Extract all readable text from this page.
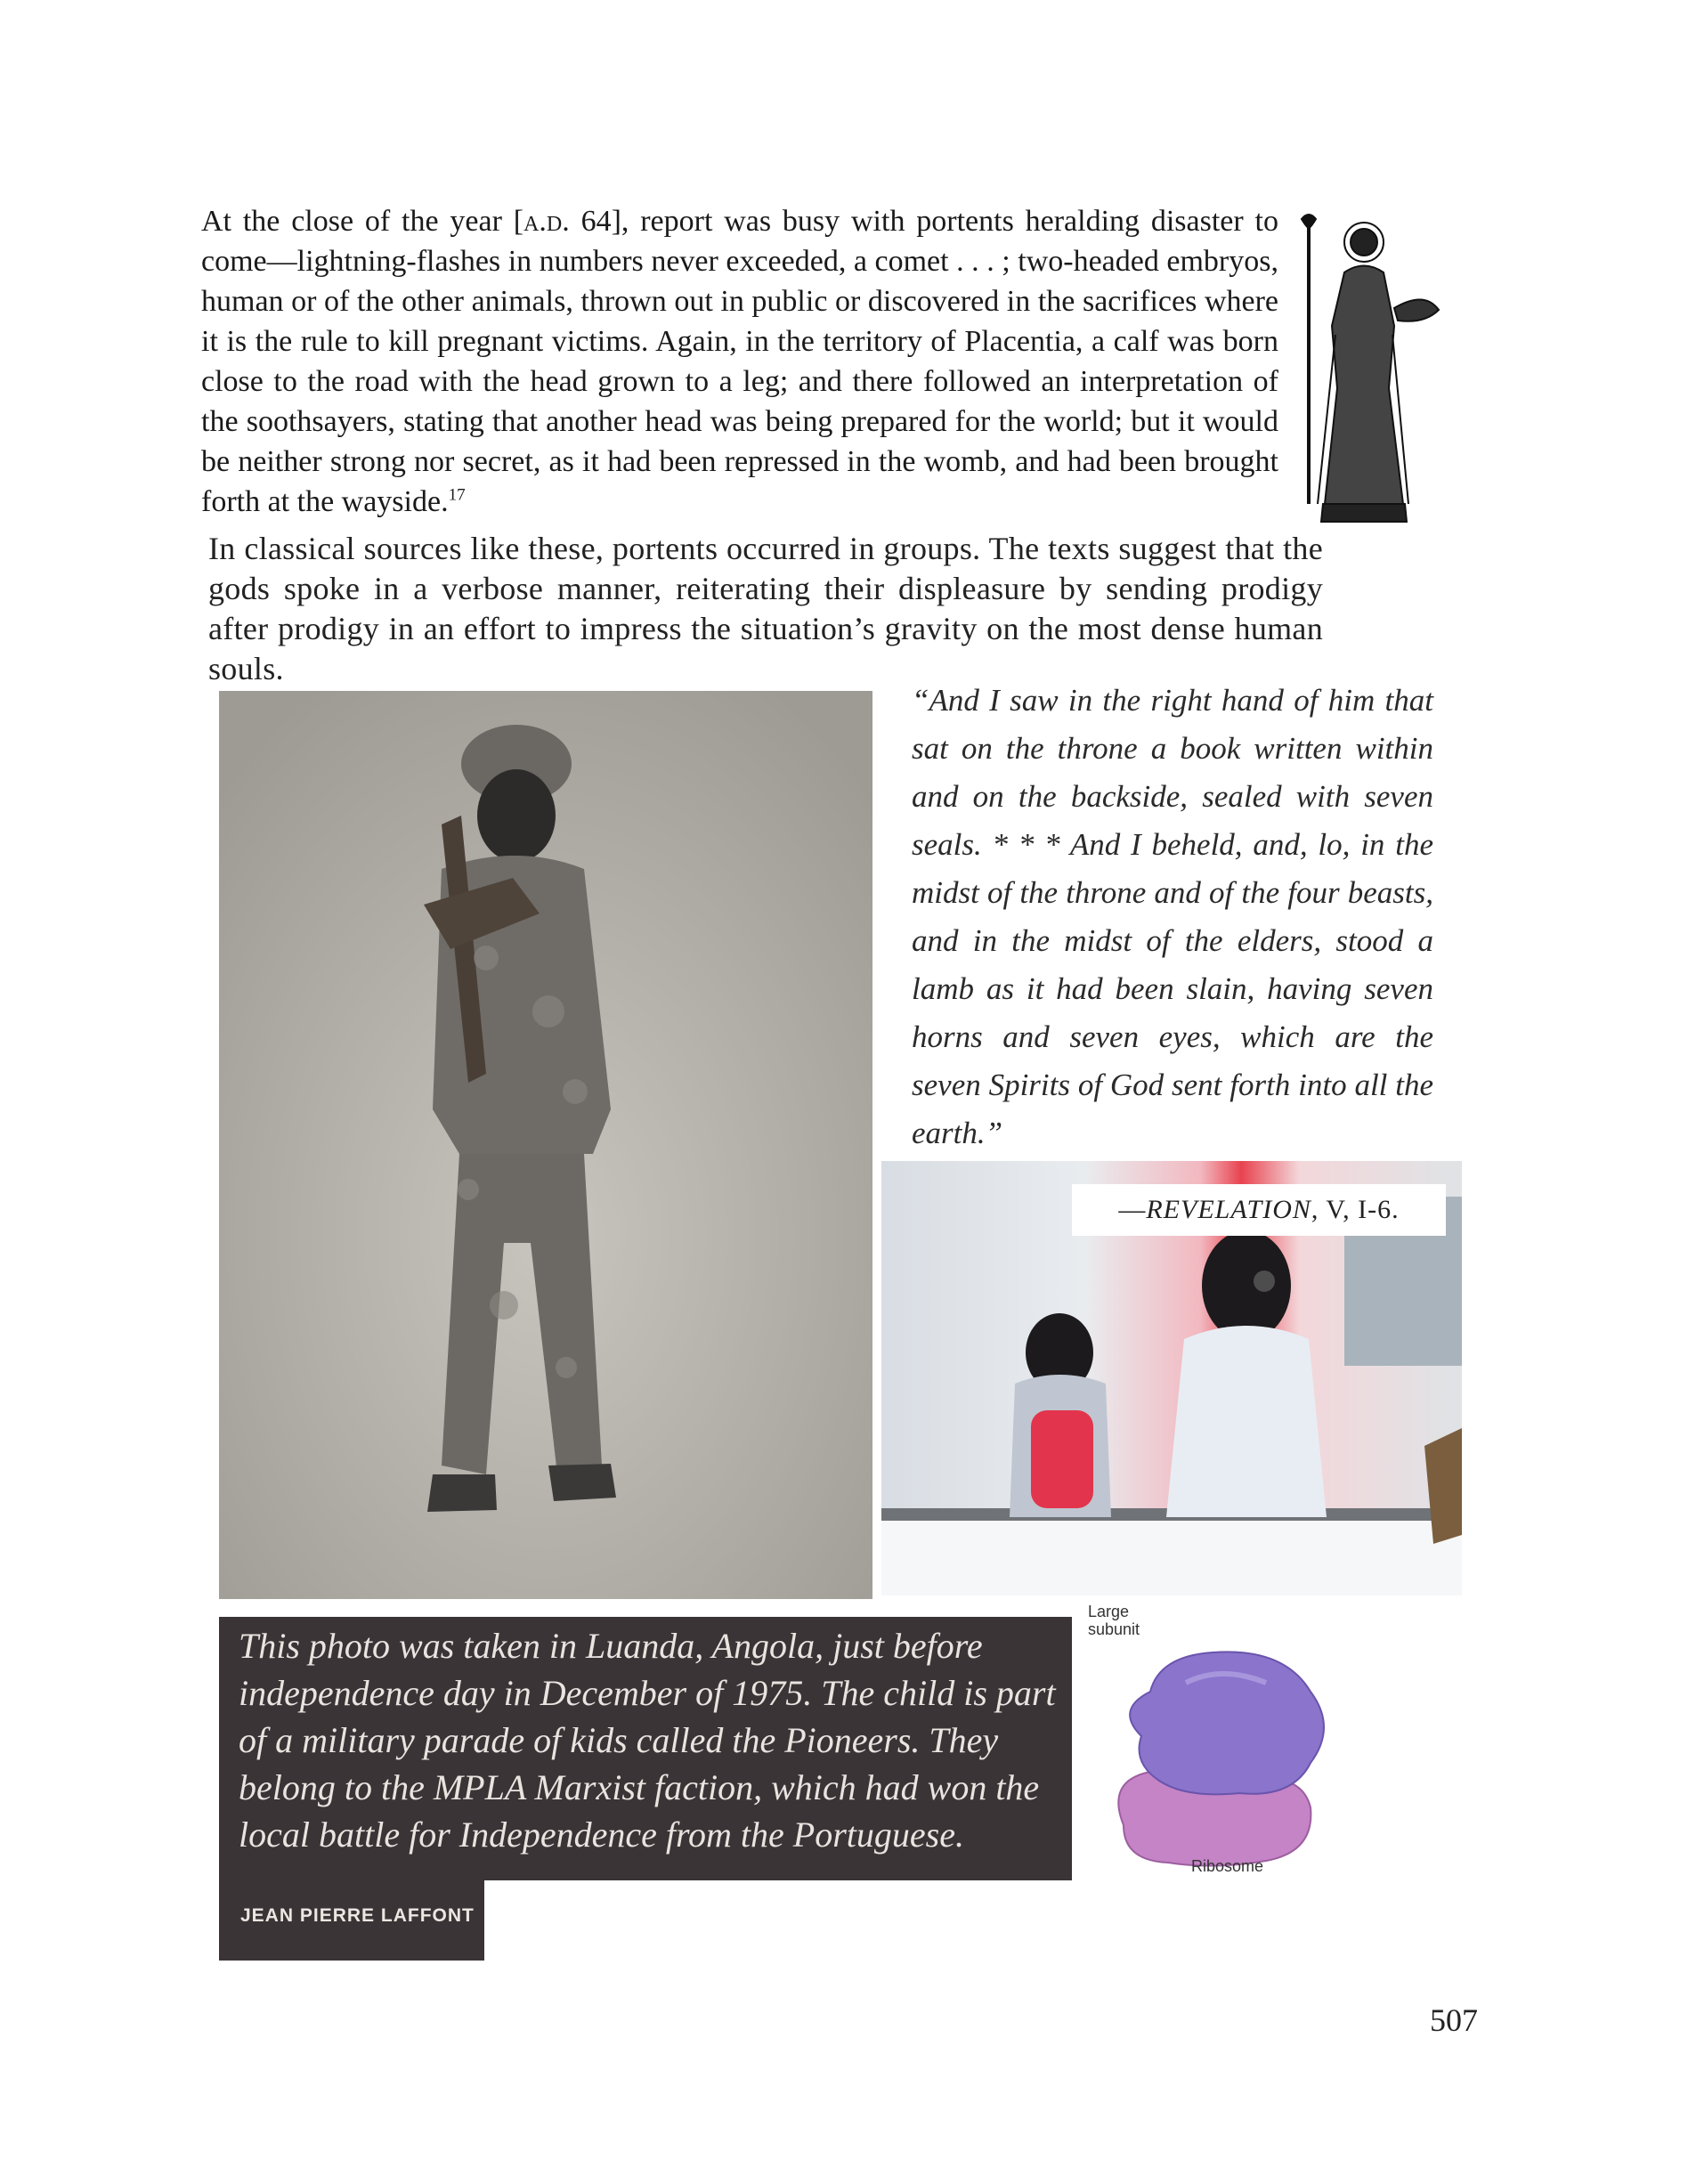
At the close of the year [a.d. 64], report was busy with portents heralding disaster to come—lightning-flashes in numbers never exceeded, a comet . . . ; two-headed embryos, human or of the other animals, thrown out in public or discovered in the sacrifices where it is the rule to kill pregnant victims. Again, in the territory of Placentia, a calf was born close to the road with the head grown to a leg; and there followed an interpretation of the soothsayers, stating that another head was being prepared for the world; but it would be neither strong nor secret, as it had been repressed in the womb, and had been brought forth at the wayside.$^{17}$
In classical sources like these, portents occurred in groups. The texts suggest that the gods spoke in a verbose manner, reiterating their displeasure by sending prodigy after prodigy in an effort to impress the situation’s gravity on the most dense human souls.
“And I saw in the right hand of him that sat on the throne a book written within and on the backside, sealed with seven seals. * * * And I beheld, and, lo, in the midst of the throne and of the four beasts, and in the midst of the elders, stood a lamb as it had been slain, having seven horns and seven eyes, which are the seven Spirits of God sent forth into all the earth.”
—REVELATION, V, I-6.
This photo was taken in Luanda, Angola, just before independence day in December of 1975. The child is part of a military parade of kids called the Pioneers. They belong to the MPLA Marxist faction, which had won the local battle for Independence from the Portuguese.
JEAN PIERRE LAFFONT
Large subunit
Ribosome
507
